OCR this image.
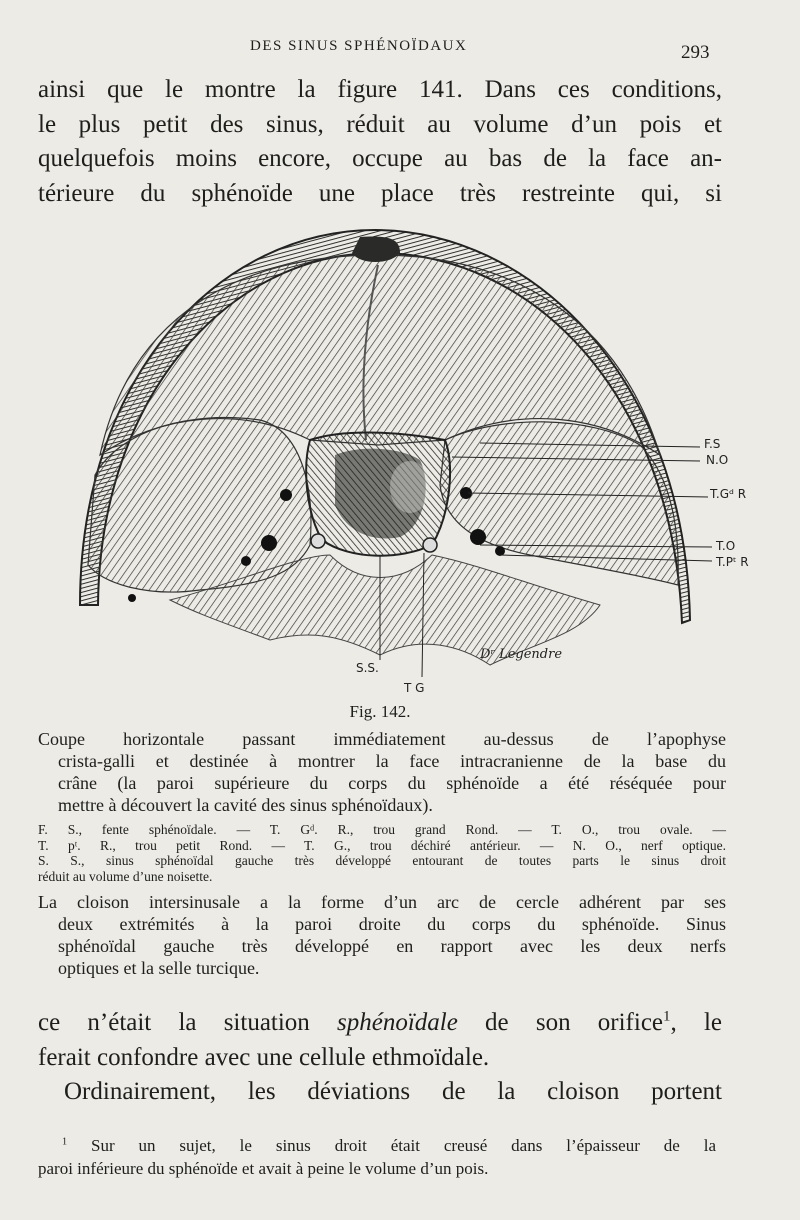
DES SINUS SPHÉNOÏDAUX	293
ainsi que le montre la figure 141. Dans ces conditions,
le plus petit des sinus, réduit au volume d’un pois et
quelquefois moins encore, occupe au bas de la face an-
térieure du sphénoïde une place très restreinte qui, si
F.S
N.O
T.Gᵈ R
T.O
T.Pᵗ R
S.S.
T G
Dʳ Legendre
Fig. 142.
Coupe horizontale passant immédiatement au-dessus de l’apophyse
crista-galli et destinée à montrer la face intracranienne de la base du
crâne (la paroi supérieure du corps du sphénoïde a été réséquée pour
mettre à découvert la cavité des sinus sphénoïdaux).
F. S., fente sphénoïdale. — T. Gᵈ. R., trou grand Rond. — T. O., trou ovale. —
T. pᵗ. R., trou petit Rond. — T. G., trou déchiré antérieur. — N. O., nerf optique.
S. S., sinus sphénoïdal gauche très développé entourant de toutes parts le sinus droit
réduit au volume d’une noisette.
La cloison intersinusale a la forme d’un arc de cercle adhérent par ses
deux extrémités à la paroi droite du corps du sphénoïde. Sinus
sphénoïdal gauche très développé en rapport avec les deux nerfs
optiques et la selle turcique.
ce n’était la situation sphénoïdale de son orifice$^1$, le
ferait confondre avec une cellule ethmoïdale.
Ordinairement, les déviations de la cloison portent
$^1$ Sur un sujet, le sinus droit était creusé dans l’épaisseur de la
paroi inférieure du sphénoïde et avait à peine le volume d’un pois.
